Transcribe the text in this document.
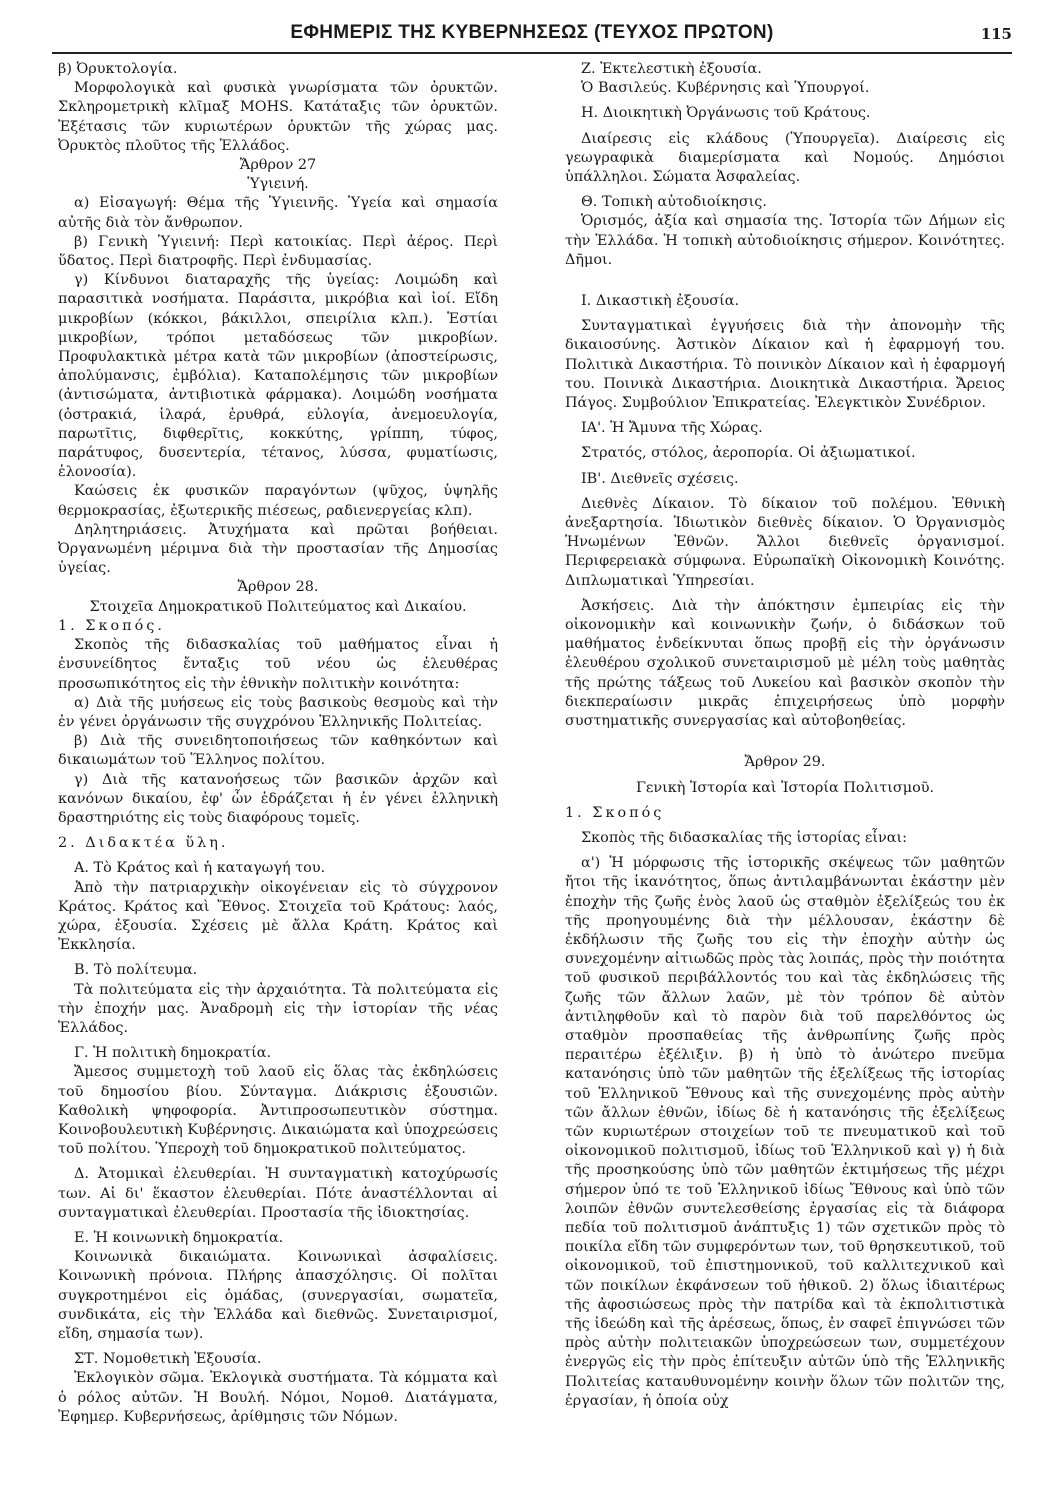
ΕΦΗΜΕΡΙΣ ΤΗΣ ΚΥΒΕΡΝΗΣΕΩΣ (ΤΕΥΧΟΣ ΠΡΩΤΟΝ)	115

β) Ὀρυκτολογία.

Μορφολογικὰ καὶ φυσικὰ γνωρίσματα τῶν ὀρυκτῶν. Σκληρομετρικὴ κλῖμαξ MOHS. Κατάταξις τῶν ὀρυκτῶν. Ἐξέτασις τῶν κυριωτέρων ὀρυκτῶν τῆς χώρας μας. Ὀρυκτὸς πλοῦτος τῆς Ἑλλάδος.

Ἄρθρον 27

Ὑγιεινή.

α) Εἰσαγωγή: Θέμα τῆς Ὑγιεινῆς. Ὑγεία καὶ σημασία αὐτῆς διὰ τὸν ἄνθρωπον.

β) Γενικὴ Ὑγιεινή: Περὶ κατοικίας. Περὶ ἀέρος. Περὶ ὕδατος. Περὶ διατροφῆς. Περὶ ἐνδυμασίας.

γ) Κίνδυνοι διαταραχῆς τῆς ὑγείας: Λοιμώδη καὶ παρασιτικὰ νοσήματα. Παράσιτα, μικρόβια καὶ ἰοί. Εἴδη μικροβίων (κόκκοι, βάκιλλοι, σπειρίλια κλπ.). Ἑστίαι μικροβίων, τρόποι μεταδόσεως τῶν μικροβίων. Προφυλακτικὰ μέτρα κατὰ τῶν μικροβίων (ἀποστείρωσις, ἀπολύμανσις, ἐμβόλια). Καταπολέμησις τῶν μικροβίων (ἀντισώματα, ἀντιβιοτικὰ φάρμακα). Λοιμώδη νοσήματα (ὀστρακιά, ἱλαρά, ἐρυθρά, εὐλογία, ἀνεμοευλογία, παρωτῖτις, διφθερῖτις, κοκκύτης, γρίππη, τύφος, παράτυφος, δυσεντερία, τέτανος, λύσσα, φυματίωσις, ἑλονοσία).

Καώσεις ἐκ φυσικῶν παραγόντων (ψῦχος, ὑψηλῆς θερμοκρασίας, ἐξωτερικῆς πιέσεως, ραδιενεργείας κλπ).

Δηλητηριάσεις. Ἀτυχήματα καὶ πρῶται βοήθειαι. Ὀργανωμένη μέριμνα διὰ τὴν προστασίαν τῆς Δημοσίας ὑγείας.

Ἄρθρον 28.

Στοιχεῖα Δημοκρατικοῦ Πολιτεύματος καὶ Δικαίου.

1. Σκοπός.

Σκοπὸς τῆς διδασκαλίας τοῦ μαθήματος εἶναι ἡ ἐνσυνείδητος ἔνταξις τοῦ νέου ὡς ἐλευθέρας προσωπικότητος εἰς τὴν ἐθνικὴν πολιτικὴν κοινότητα:

α) Διὰ τῆς μυήσεως εἰς τοὺς βασικοὺς θεσμοὺς καὶ τὴν ἐν γένει ὀργάνωσιν τῆς συγχρόνου Ἑλληνικῆς Πολιτείας.

β) Διὰ τῆς συνειδητοποιήσεως τῶν καθηκόντων καὶ δικαιωμάτων τοῦ Ἕλληνος πολίτου.

γ) Διὰ τῆς κατανοήσεως τῶν βασικῶν ἀρχῶν καὶ κανόνων δικαίου, ἐφ' ὧν ἑδράζεται ἡ ἐν γένει ἑλληνικὴ δραστηριότης εἰς τοὺς διαφόρους τομεῖς.

2. Διδακτέα ὕλη.

Α. Τὸ Κράτος καὶ ἡ καταγωγή του.

Ἀπὸ τὴν πατριαρχικὴν οἰκογένειαν εἰς τὸ σύγχρονον Κράτος. Κράτος καὶ Ἔθνος. Στοιχεῖα τοῦ Κράτους: λαός, χώρα, ἐξουσία. Σχέσεις μὲ ἄλλα Κράτη. Κράτος καὶ Ἐκκλησία.

Β. Τὸ πολίτευμα.

Τὰ πολιτεύματα εἰς τὴν ἀρχαιότητα. Τὰ πολιτεύματα εἰς τὴν ἐποχήν μας. Ἀναδρομὴ εἰς τὴν ἱστορίαν τῆς νέας Ἑλλάδος.

Γ. Ἡ πολιτικὴ δημοκρατία.

Ἄμεσος συμμετοχὴ τοῦ λαοῦ εἰς ὅλας τὰς ἐκδηλώσεις τοῦ δημοσίου βίου. Σύνταγμα. Διάκρισις ἐξουσιῶν. Καθολικὴ ψηφοφορία. Ἀντιπροσωπευτικὸν σύστημα. Κοινοβουλευτικὴ Κυβέρνησις. Δικαιώματα καὶ ὑποχρεώσεις τοῦ πολίτου. Ὑπεροχὴ τοῦ δημοκρατικοῦ πολιτεύματος.

Δ. Ἀτομικαὶ ἐλευθερίαι. Ἡ συνταγματικὴ κατοχύρωσίς των. Αἱ δι' ἕκαστον ἐλευθερίαι. Πότε ἀναστέλλονται αἱ συνταγματικαὶ ἐλευθερίαι. Προστασία τῆς ἰδιοκτησίας.

Ε. Ἡ κοινωνικὴ δημοκρατία.

Κοινωνικὰ δικαιώματα. Κοινωνικαὶ ἀσφαλίσεις. Κοινωνικὴ πρόνοια. Πλήρης ἀπασχόλησις. Οἱ πολῖται συγκροτημένοι εἰς ὁμάδας, (συνεργασίαι, σωματεῖα, συνδικάτα, εἰς τὴν Ἑλλάδα καὶ διεθνῶς. Συνεταιρισμοί, εἴδη, σημασία των).

ΣΤ. Νομοθετικὴ Ἐξουσία.

Ἐκλογικὸν σῶμα. Ἐκλογικὰ συστήματα. Τὰ κόμματα καὶ ὁ ρόλος αὐτῶν. Ἡ Βουλή. Νόμοι, Νομοθ. Διατάγματα, Ἐφημερ. Κυβερνήσεως, ἀρίθμησις τῶν Νόμων.

Ζ. Ἐκτελεστικὴ ἐξουσία.

Ὁ Βασιλεύς. Κυβέρνησις καὶ Ὑπουργοί.

Η. Διοικητικὴ Ὀργάνωσις τοῦ Κράτους.

Διαίρεσις εἰς κλάδους (Ὑπουργεῖα). Διαίρεσις εἰς γεωγραφικὰ διαμερίσματα καὶ Νομούς. Δημόσιοι ὑπάλληλοι. Σώματα Ἀσφαλείας.

Θ. Τοπικὴ αὐτοδιοίκησις.

Ὁρισμός, ἀξία καὶ σημασία της. Ἱστορία τῶν Δήμων εἰς τὴν Ἑλλάδα. Ἡ τοπικὴ αὐτοδιοίκησις σήμερον. Κοινότητες. Δῆμοι.

Ι. Δικαστικὴ ἐξουσία.

Συνταγματικαὶ ἐγγυήσεις διὰ τὴν ἀπονομὴν τῆς δικαιοσύνης. Ἀστικὸν Δίκαιον καὶ ἡ ἐφαρμογή του. Πολιτικὰ Δικαστήρια. Τὸ ποινικὸν Δίκαιον καὶ ἡ ἐφαρμογή του. Ποινικὰ Δικαστήρια. Διοικητικὰ Δικαστήρια. Ἄρειος Πάγος. Συμβούλιον Ἐπικρατείας. Ἐλεγκτικὸν Συνέδριον.

ΙΑ'. Ἡ Ἄμυνα τῆς Χώρας.

Στρατός, στόλος, ἀεροπορία. Οἱ ἀξιωματικοί.

ΙΒ'. Διεθνεῖς σχέσεις.

Διεθνὲς Δίκαιον. Τὸ δίκαιον τοῦ πολέμου. Ἐθνικὴ ἀνεξαρτησία. Ἰδιωτικὸν διεθνὲς δίκαιον. Ὁ Ὀργανισμὸς Ἡνωμένων Ἐθνῶν. Ἄλλοι διεθνεῖς ὀργανισμοί. Περιφερειακὰ σύμφωνα. Εὐρωπαϊκὴ Οἰκονομικὴ Κοινότης. Διπλωματικαὶ Ὑπηρεσίαι.

Ἀσκήσεις. Διὰ τὴν ἀπόκτησιν ἐμπειρίας εἰς τὴν οἰκονομικὴν καὶ κοινωνικὴν ζωήν, ὁ διδάσκων τοῦ μαθήματος ἐνδείκνυται ὅπως προβῇ εἰς τὴν ὀργάνωσιν ἐλευθέρου σχολικοῦ συνεταιρισμοῦ μὲ μέλη τοὺς μαθητὰς τῆς πρώτης τάξεως τοῦ Λυκείου καὶ βασικὸν σκοπὸν τὴν διεκπεραίωσιν μικρᾶς ἐπιχειρήσεως ὑπὸ μορφὴν συστηματικῆς συνεργασίας καὶ αὐτοβοηθείας.

Ἄρθρον 29.

Γενικὴ Ἱστορία καὶ Ἱστορία Πολιτισμοῦ.

1. Σκοπός

Σκοπὸς τῆς διδασκαλίας τῆς ἱστορίας εἶναι:

α') Ἡ μόρφωσις τῆς ἱστορικῆς σκέψεως τῶν μαθητῶν ἤτοι τῆς ἱκανότητος, ὅπως ἀντιλαμβάνωνται ἑκάστην μὲν ἐποχὴν τῆς ζωῆς ἑνὸς λαοῦ ὡς σταθμὸν ἐξελίξεώς του ἐκ τῆς προηγουμένης διὰ τὴν μέλλουσαν, ἑκάστην δὲ ἐκδήλωσιν τῆς ζωῆς του εἰς τὴν ἐποχὴν αὐτὴν ὡς συνεχομένην αἰτιωδῶς πρὸς τὰς λοιπάς, πρὸς τὴν ποιότητα τοῦ φυσικοῦ περιβάλλοντός του καὶ τὰς ἐκδηλώσεις τῆς ζωῆς τῶν ἄλλων λαῶν, μὲ τὸν τρόπον δὲ αὐτὸν ἀντιληφθοῦν καὶ τὸ παρὸν διὰ τοῦ παρελθόντος ὡς σταθμὸν προσπαθείας τῆς ἀνθρωπίνης ζωῆς πρὸς περαιτέρω ἐξέλιξιν. β) ἡ ὑπὸ τὸ ἀνώτερο πνεῦμα κατανόησις ὑπὸ τῶν μαθητῶν τῆς ἐξελίξεως τῆς ἱστορίας τοῦ Ἑλληνικοῦ Ἔθνους καὶ τῆς συνεχομένης πρὸς αὐτὴν τῶν ἄλλων ἐθνῶν, ἰδίως δὲ ἡ κατανόησις τῆς ἐξελίξεως τῶν κυριωτέρων στοιχείων τοῦ τε πνευματικοῦ καὶ τοῦ οἰκονομικοῦ πολιτισμοῦ, ἰδίως τοῦ Ἑλληνικοῦ καὶ γ) ἡ διὰ τῆς προσηκούσης ὑπὸ τῶν μαθητῶν ἐκτιμήσεως τῆς μέχρι σήμερον ὑπό τε τοῦ Ἑλληνικοῦ ἰδίως Ἔθνους καὶ ὑπὸ τῶν λοιπῶν ἐθνῶν συντελεσθείσης ἐργασίας εἰς τὰ διάφορα πεδία τοῦ πολιτισμοῦ ἀνάπτυξις 1) τῶν σχετικῶν πρὸς τὸ ποικίλα εἴδη τῶν συμφερόντων των, τοῦ θρησκευτικοῦ, τοῦ οἰκονομικοῦ, τοῦ ἐπιστημονικοῦ, τοῦ καλλιτεχνικοῦ καὶ τῶν ποικίλων ἐκφάνσεων τοῦ ἠθικοῦ. 2) ὅλως ἰδιαιτέρως τῆς ἀφοσιώσεως πρὸς τὴν πατρίδα καὶ τὰ ἐκπολιτιστικὰ τῆς ἰδεώδη καὶ τῆς ἀρέσεως, ὅπως, ἐν σαφεῖ ἐπιγνώσει τῶν πρὸς αὐτὴν πολιτειακῶν ὑποχρεώσεων των, συμμετέχουν ἐνεργῶς εἰς τὴν πρὸς ἐπίτευξιν αὐτῶν ὑπὸ τῆς Ἑλληνικῆς Πολιτείας καταυθυνομένην κοινὴν ὅλων τῶν πολιτῶν της, ἐργασίαν, ἡ ὁποία οὐχ
